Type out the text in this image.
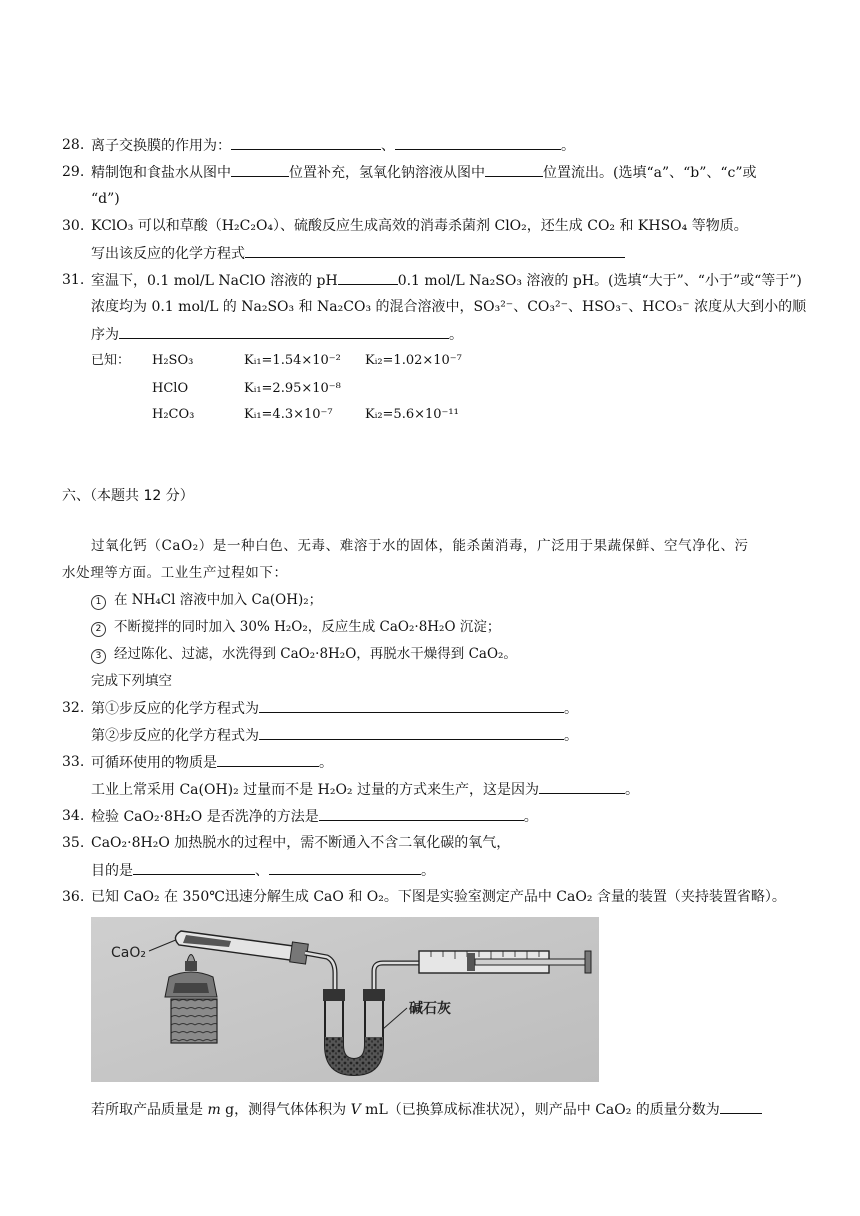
28. 离子交换膜的作用为：	、	。
29. 精制饱和食盐水从图中	位置补充，氢氧化钠溶液从图中	位置流出。(选填“a”、“b”、“c”或
“d”)
30. KClO₃ 可以和草酸（H₂C₂O₄）、硫酸反应生成高效的消毒杀菌剂 ClO₂，还生成 CO₂ 和 KHSO₄ 等物质。
写出该反应的化学方程式
31. 室温下，0.1 mol/L NaClO 溶液的 pH	0.1 mol/L Na₂SO₃ 溶液的 pH。(选填“大于”、“小于”或“等于”)
浓度均为 0.1 mol/L 的 Na₂SO₃ 和 Na₂CO₃ 的混合溶液中，SO₃²⁻、CO₃²⁻、HSO₃⁻、HCO₃⁻ 浓度从大到小的顺
序为	。
已知： H₂SO₃	Kᵢ₁=1.54×10⁻² Kᵢ₂=1.02×10⁻⁷
HClO	Kᵢ₁=2.95×10⁻⁸
H₂CO₃	Kᵢ₁=4.3×10⁻⁷ Kᵢ₂=5.6×10⁻¹¹
六、（本题共 12 分）
过氧化钙（CaO₂）是一种白色、无毒、难溶于水的固体，能杀菌消毒，广泛用于果蔬保鲜、空气净化、污
水处理等方面。工业生产过程如下：
1 在 NH₄Cl 溶液中加入 Ca(OH)₂；
2 不断搅拌的同时加入 30% H₂O₂，反应生成 CaO₂·8H₂O 沉淀；
3 经过陈化、过滤，水洗得到 CaO₂·8H₂O，再脱水干燥得到 CaO₂。
完成下列填空
32. 第①步反应的化学方程式为	。
第②步反应的化学方程式为	。
33. 可循环使用的物质是	。
工业上常采用 Ca(OH)₂ 过量而不是 H₂O₂ 过量的方式来生产，这是因为	。
34. 检验 CaO₂·8H₂O 是否洗净的方法是	。
35. CaO₂·8H₂O 加热脱水的过程中，需不断通入不含二氧化碳的氧气，
目的是	、	。
36. 已知 CaO₂ 在 350℃迅速分解生成 CaO 和 O₂。下图是实验室测定产品中 CaO₂ 含量的装置（夹持装置省略）。
CaO₂
碱石灰
若所取产品质量是 m g，测得气体体积为 V mL（已换算成标准状况），则产品中 CaO₂ 的质量分数为
